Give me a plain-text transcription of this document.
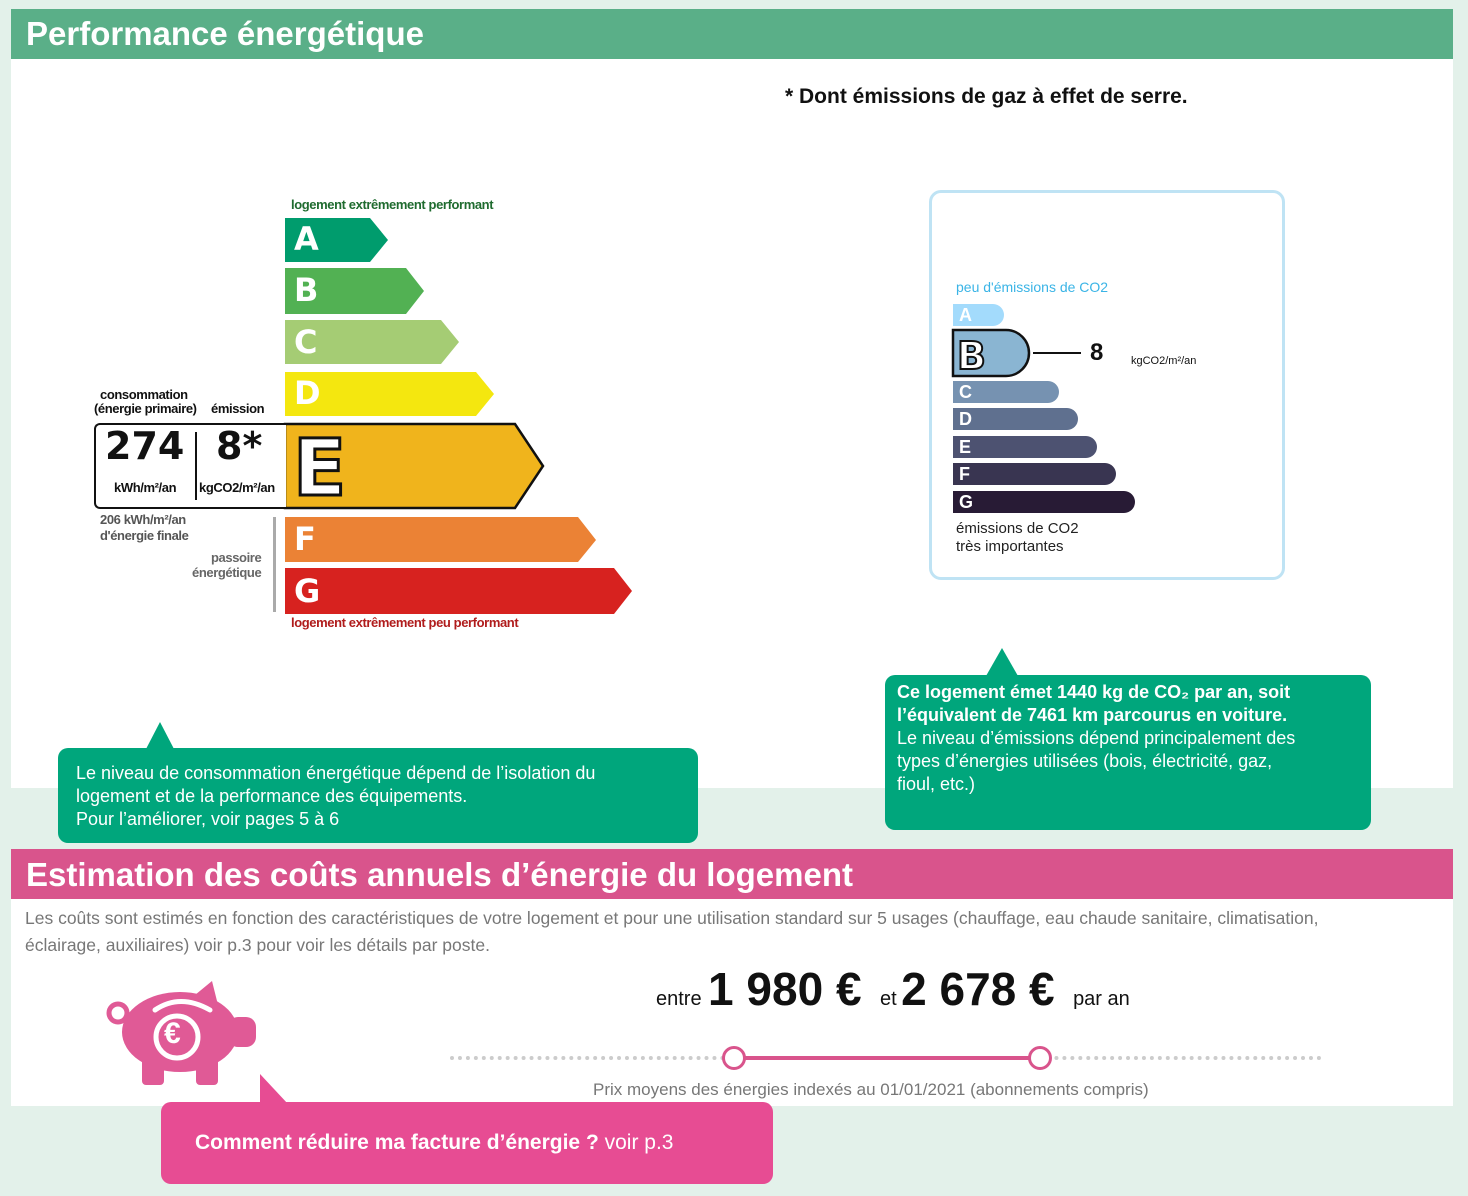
Performance énergétique
* Dont émissions de gaz à effet de serre.
logement extrêmement performant
A
B
C
D
E
F
G
logement extrêmement peu performant
consommation
(énergie primaire) émission
274
kWh/m²/an
8*
kgCO2/m²/an
206 kWh/m²/an
d'énergie finale
passoire
énergétique
peu d'émissions de CO2
A
B
C
D
E
F
G
8	kgCO2/m²/an
émissions de CO2
très importantes
Le niveau de consommation énergétique dépend de l’isolation du
logement et de la performance des équipements.
Pour l’améliorer, voir pages 5 à 6
Ce logement émet 1440 kg de CO₂ par an, soit
l’équivalent de 7461 km parcourus en voiture.
Le niveau d’émissions dépend principalement des
types d’énergies utilisées (bois, électricité, gaz,
fioul, etc.)
Estimation des coûts annuels d’énergie du logement
Les coûts sont estimés en fonction des caractéristiques de votre logement et pour une utilisation standard sur 5 usages (chauffage, eau chaude sanitaire, climatisation,
éclairage, auxiliaires) voir p.3 pour voir les détails par poste.
€
entre 1 980 € et 2 678 € par an
Prix moyens des énergies indexés au 01/01/2021 (abonnements compris)
Comment réduire ma facture d’énergie ? voir p.3
